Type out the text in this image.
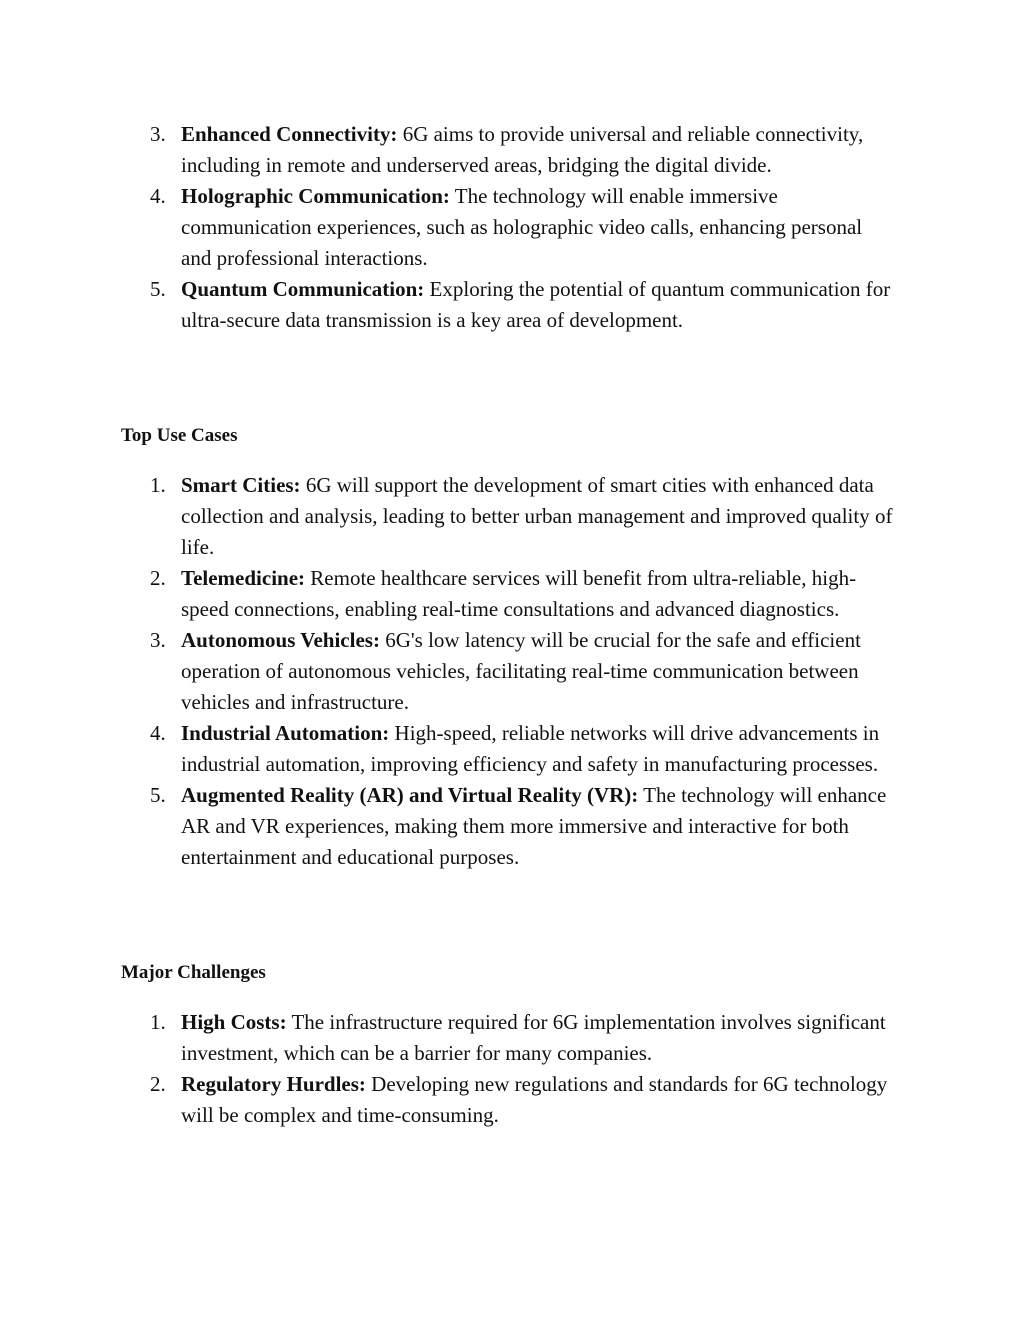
3. Enhanced Connectivity: 6G aims to provide universal and reliable connectivity, including in remote and underserved areas, bridging the digital divide.
4. Holographic Communication: The technology will enable immersive communication experiences, such as holographic video calls, enhancing personal and professional interactions.
5. Quantum Communication: Exploring the potential of quantum communication for ultra-secure data transmission is a key area of development.
Top Use Cases
1. Smart Cities: 6G will support the development of smart cities with enhanced data collection and analysis, leading to better urban management and improved quality of life.
2. Telemedicine: Remote healthcare services will benefit from ultra-reliable, high-speed connections, enabling real-time consultations and advanced diagnostics.
3. Autonomous Vehicles: 6G's low latency will be crucial for the safe and efficient operation of autonomous vehicles, facilitating real-time communication between vehicles and infrastructure.
4. Industrial Automation: High-speed, reliable networks will drive advancements in industrial automation, improving efficiency and safety in manufacturing processes.
5. Augmented Reality (AR) and Virtual Reality (VR): The technology will enhance AR and VR experiences, making them more immersive and interactive for both entertainment and educational purposes.
Major Challenges
1. High Costs: The infrastructure required for 6G implementation involves significant investment, which can be a barrier for many companies.
2. Regulatory Hurdles: Developing new regulations and standards for 6G technology will be complex and time-consuming.
